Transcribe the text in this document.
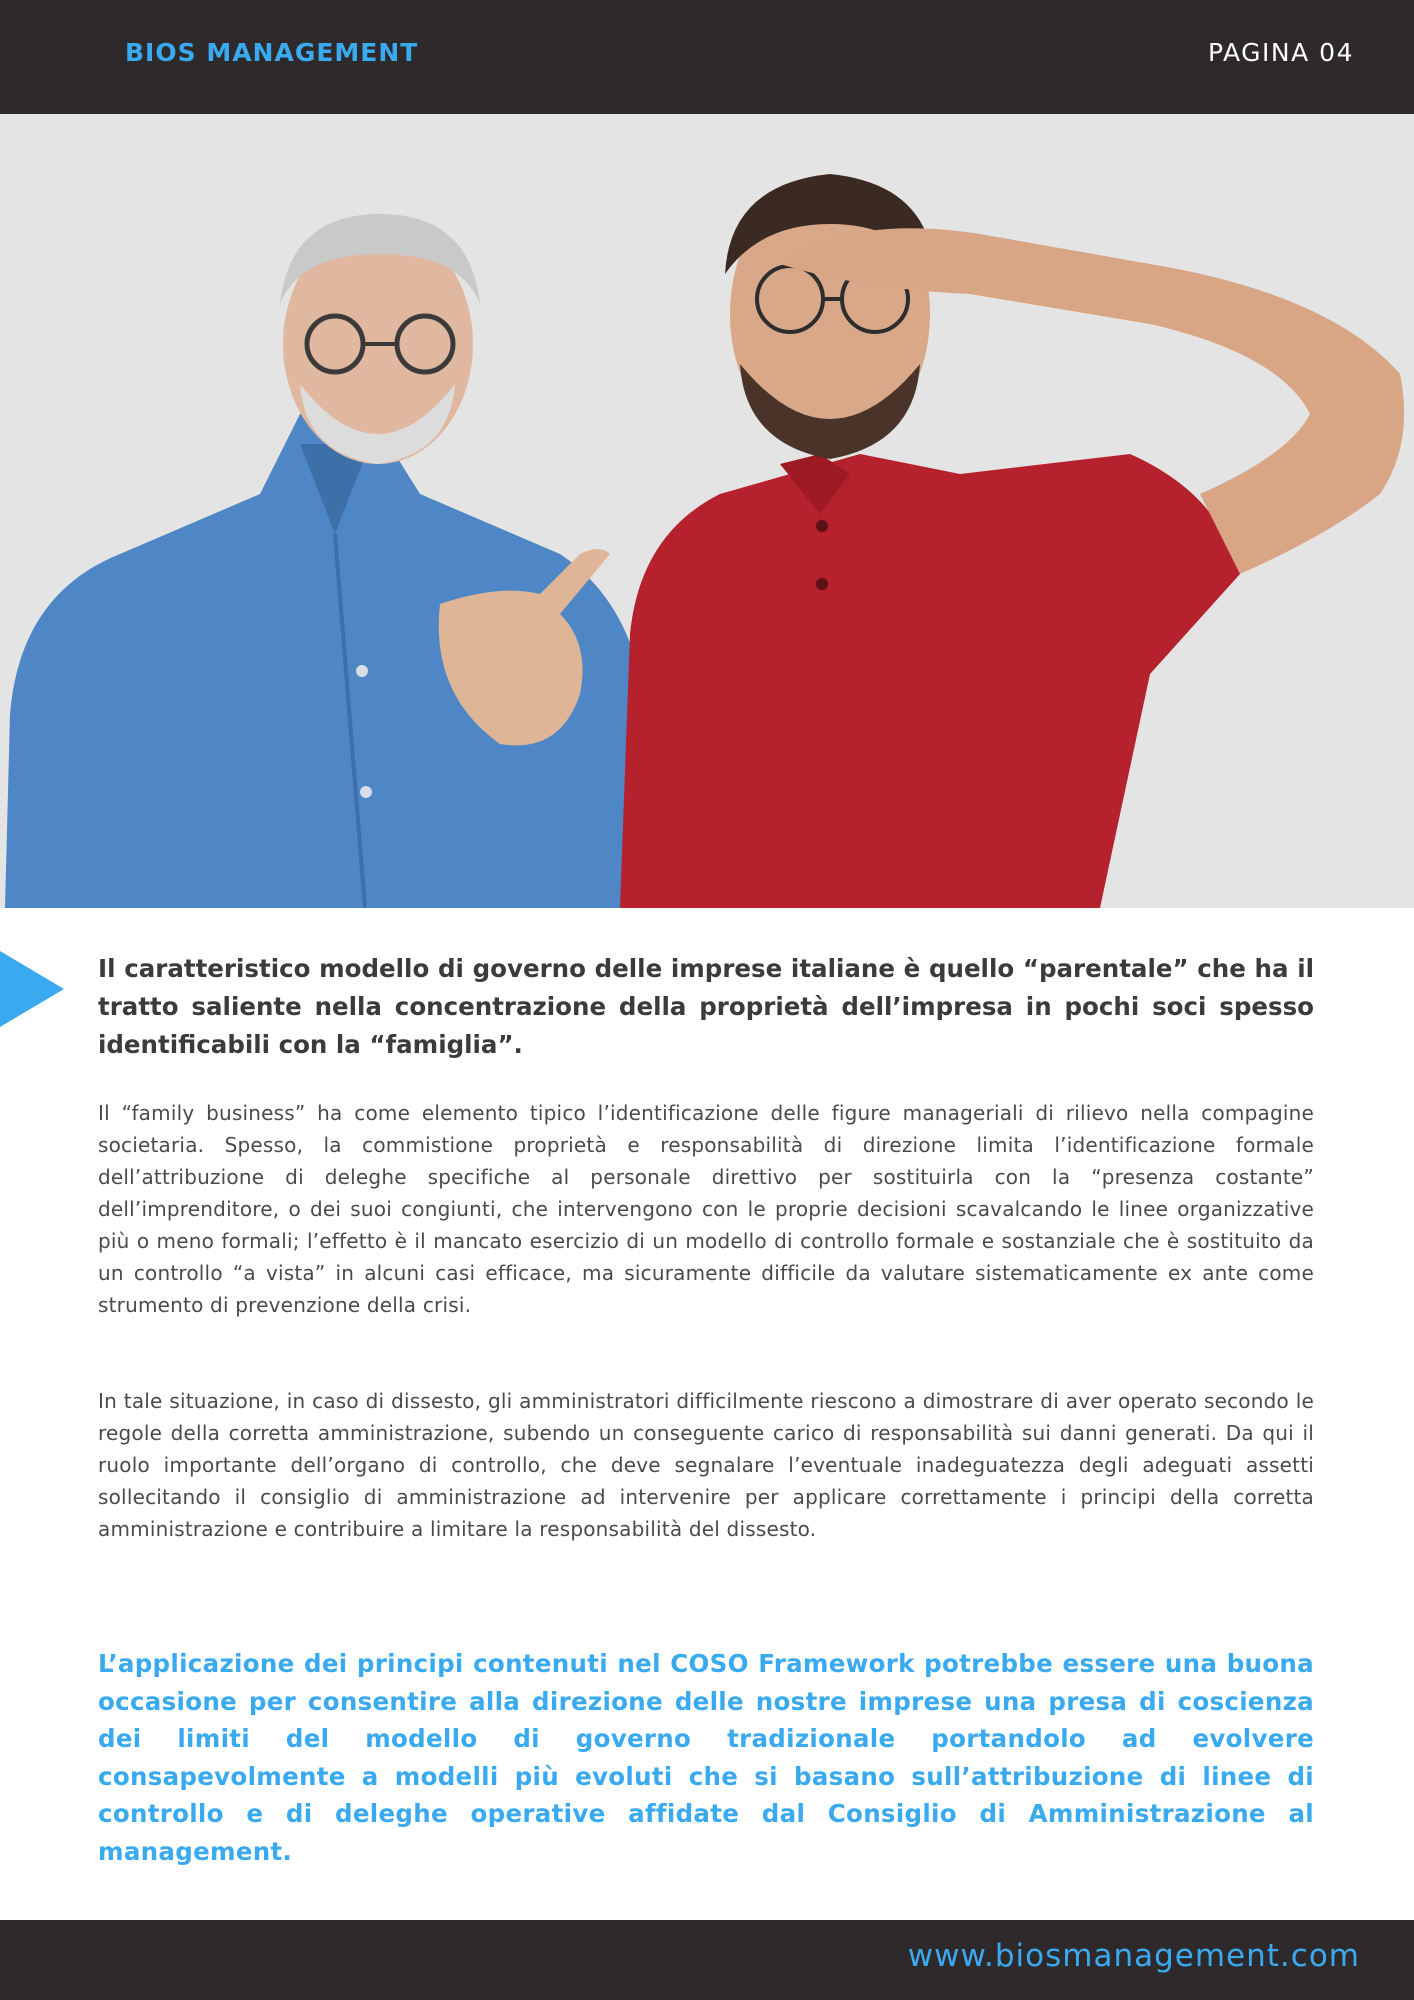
BIOS MANAGEMENT	PAGINA 04

Il caratteristico modello di governo delle imprese italiane è quello “parentale” che ha il tratto saliente nella concentrazione della proprietà dell’impresa in pochi soci spesso identificabili con la “famiglia”.

Il “family business” ha come elemento tipico l’identificazione delle figure manageriali di rilievo nella compagine societaria. Spesso, la commistione proprietà e responsabilità di direzione limita l’identificazione formale dell’attribuzione di deleghe specifiche al personale direttivo per sostituirla con la “presenza costante” dell’imprenditore, o dei suoi congiunti, che intervengono con le proprie decisioni scavalcando le linee organizzative più o meno formali; l’effetto è il mancato esercizio di un modello di controllo formale e sostanziale che è sostituito da un controllo “a vista” in alcuni casi efficace, ma sicuramente difficile da valutare sistematicamente ex ante come strumento di prevenzione della crisi.

In tale situazione, in caso di dissesto, gli amministratori difficilmente riescono a dimostrare di aver operato secondo le regole della corretta amministrazione, subendo un conseguente carico di responsabilità sui danni generati. Da qui il ruolo importante dell’organo di controllo, che deve segnalare l’eventuale inadeguatezza degli adeguati assetti sollecitando il consiglio di amministrazione ad intervenire per applicare correttamente i principi della corretta amministrazione e contribuire a limitare la responsabilità del dissesto.

L’applicazione dei principi contenuti nel COSO Framework potrebbe essere una buona occasione per consentire alla direzione delle nostre imprese una presa di coscienza dei limiti del modello di governo tradizionale portandolo ad evolvere consapevolmente a modelli più evoluti che si basano sull’attribuzione di linee di controllo e di deleghe operative affidate dal Consiglio di Amministrazione al management.

www.biosmanagement.com
